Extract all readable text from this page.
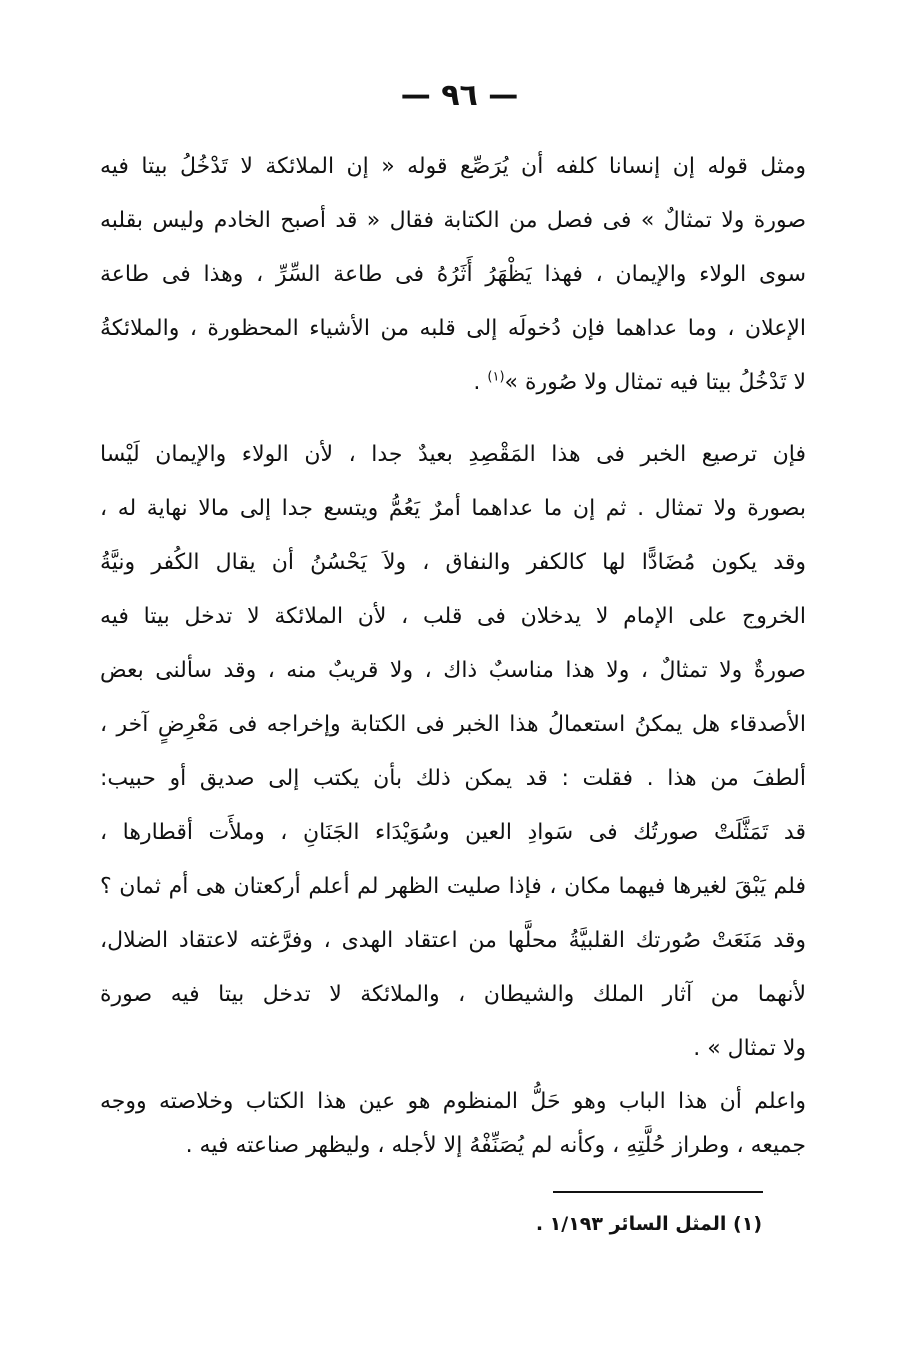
— ٩٦ —
ومثل قوله إن إنسانا كلفه أن يُرَصِّع قوله « إن الملائكة لا تَدْخُلُ بيتا فيه
صورة ولا تمثالٌ » فى فصل من الكتابة فقال « قد أصبح الخادم وليس بقلبه
سوى الولاء والإيمان ، فهذا يَظْهَرُ أَثَرُهُ فى طاعة السِّرِّ ، وهذا فى طاعة
الإعلان ، وما عداهما فإن دُخولَه إلى قلبه من الأشياء المحظورة ، والملائكةُ
لا تَدْخُلُ بيتا فيه تمثال ولا صُورة »$^{(١)}$ .
فإن ترصيع الخبر فى هذا المَقْصِدِ بعيدٌ جدا ، لأن الولاء والإيمان لَيْسا
بصورة ولا تمثال . ثم إن ما عداهما أمرٌ يَعُمُّ ويتسع جدا إلى مالا نهاية له ،
وقد يكون مُضَادًّا لها كالكفر والنفاق ، ولاَ يَحْسُنُ أن يقال الكُفر ونيَّةُ
الخروج على الإمام لا يدخلان فى قلب ، لأن الملائكة لا تدخل بيتا فيه
صورةٌ ولا تمثالٌ ، ولا هذا مناسبٌ ذاك ، ولا قريبٌ منه ، وقد سألنى بعض
الأصدقاء هل يمكنُ استعمالُ هذا الخبر فى الكتابة وإخراجه فى مَعْرِضٍ آخر ،
ألطفَ من هذا . فقلت : قد يمكن ذلك بأن يكتب إلى صديق أو حبيب:
قد تَمَثَّلَتْ صورتُك فى سَوادِ العين وسُوَيْدَاء الجَنَانِ ، وملأَت أقطارها ،
فلم يَبْقَ لغيرها فيهما مكان ، فإذا صليت الظهر لم أعلم أركعتان هى أم ثمان ؟
وقد مَنَعَتْ صُورتك القلبيَّةُ محلَّها من اعتقاد الهدى ، وفرَّغته لاعتقاد الضلال،
لأنهما من آثار الملك والشيطان ، والملائكة لا تدخل بيتا فيه صورة
ولا تمثال » .
واعلم أن هذا الباب وهو حَلُّ المنظوم هو عين هذا الكتاب وخلاصته ووجه
جميعه ، وطراز حُلَّتِهِ ، وكأنه لم يُصَنِّفْهُ إلا لأجله ، وليظهر صناعته فيه .
(١) المثل السائر ١/١٩٣ .
